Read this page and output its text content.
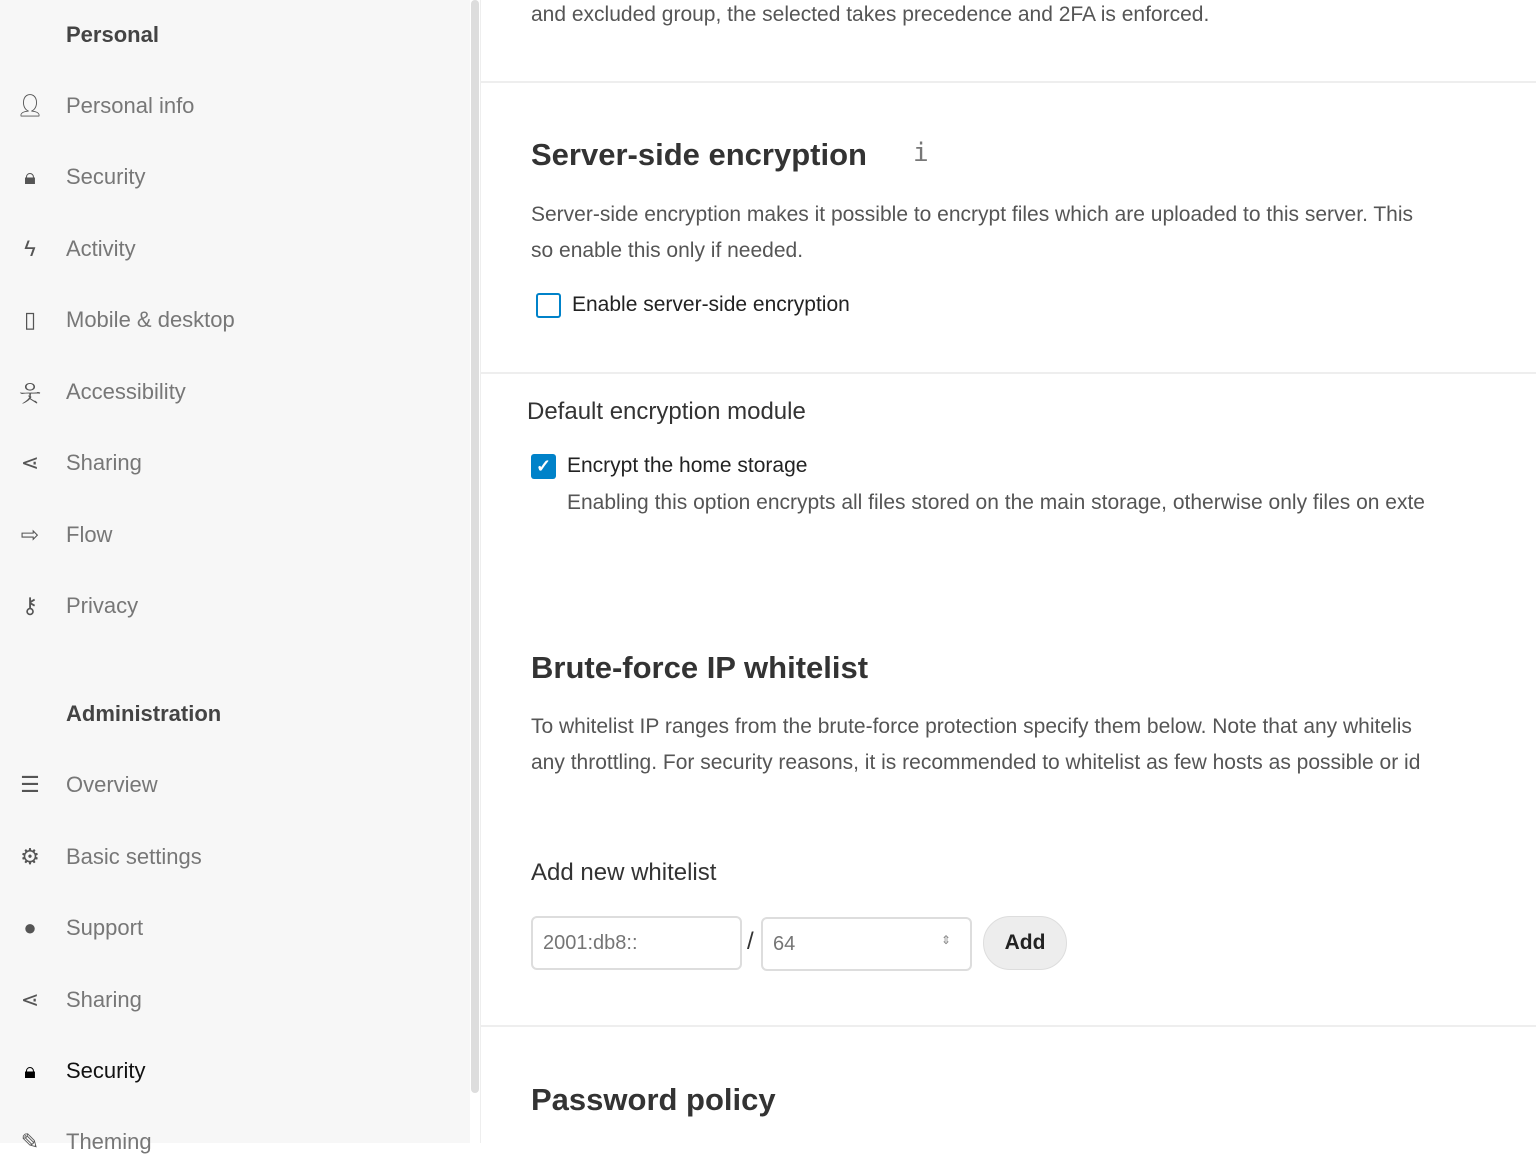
Personal
👤︎	Personal info
🔒︎	Security
ϟ	Activity
▯	Mobile & desktop
웃	Accessibility
⋖	Sharing
⇨	Flow
⚷	Privacy
Administration
☰	Overview
⚙	Basic settings
●	Support
⋖	Sharing
🔒︎	Security
✎	Theming
and excluded group, the selected takes precedence and 2FA is enforced.
Server-side encryption i
Server-side encryption makes it possible to encrypt files which are uploaded to this server. This
so enable this only if needed.
Enable server-side encryption
Default encryption module
✓ Encrypt the home storage
Enabling this option encrypts all files stored on the main storage, otherwise only files on exte
Brute-force IP whitelist
To whitelist IP ranges from the brute-force protection specify them below. Note that any whitelis
any throttling. For security reasons, it is recommended to whitelist as few hosts as possible or id
Add new whitelist
2001:db8::
/
64	⇕	Add
Password policy
